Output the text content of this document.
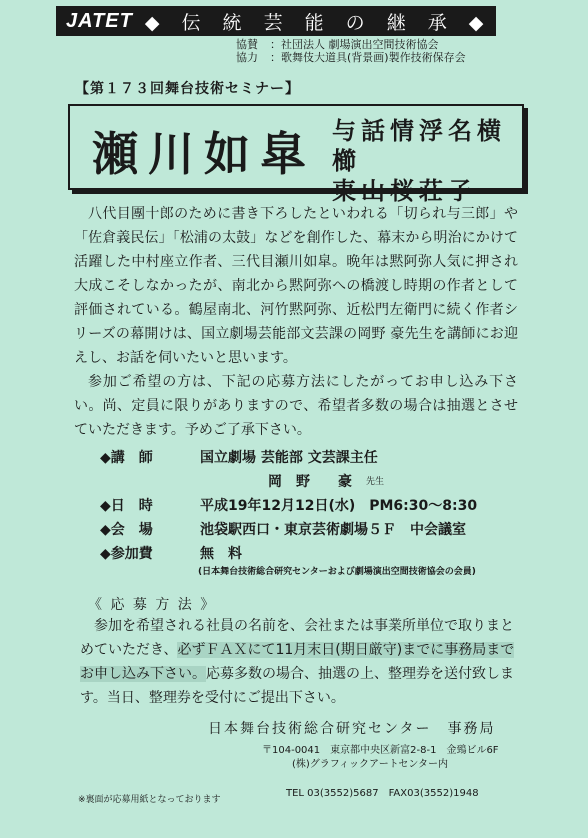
JATET ◆ 伝 統 芸 能 の 継 承 ◆
協賛 ：社団法人 劇場演出空間技術協会
協力 ：歌舞伎大道具(背景画)製作技術保存会
【第１７３回舞台技術セミナー】
瀬川如皐 与話情浮名横櫛
東山桜荘子

八代目團十郎のために書き下ろしたといわれる「切られ与三郎」や「佐倉義民伝」「松浦の太鼓」などを創作した、幕末から明治にかけて活躍した中村座立作者、三代目瀬川如皐。晩年は黙阿弥人気に押され大成こそしなかったが、南北から黙阿弥への橋渡し時期の作者として評価されている。鶴屋南北、河竹黙阿弥、近松門左衛門に続く作者シリーズの幕開けは、国立劇場芸能部文芸課の岡野 豪先生を講師にお迎えし、お話を伺いたいと思います。

参加ご希望の方は、下記の応募方法にしたがってお申し込み下さい。尚、定員に限りがありますので、希望者多数の場合は抽選とさせていただきます。予めご了承下さい。

◆講　師	国立劇場 芸能部 文芸課主任
岡　野　　豪 先生
◆日　時	平成19年12月12日(水)　PM6:30～8:30
◆会　場	池袋駅西口・東京芸術劇場５Ｆ　中会議室
◆参加費	無　料
(日本舞台技術総合研究センターおよび劇場演出空間技術協会の会員)
《 応 募 方 法 》

参加を希望される社員の名前を、会社または事業所単位で取りまとめていただき、必ずＦＡＸにて11月末日(期日厳守)までに事務局までお申し込み下さい。応募多数の場合、抽選の上、整理券を送付致します。当日、整理券を受付にご提出下さい。

日本舞台技術総合研究センター　事務局
〒104-0041　東京都中央区新富2-8-1　金鵄ビル6F
(株)グラフィックアートセンター内
TEL 03(3552)5687　FAX03(3552)1948
※裏面が応募用紙となっております
